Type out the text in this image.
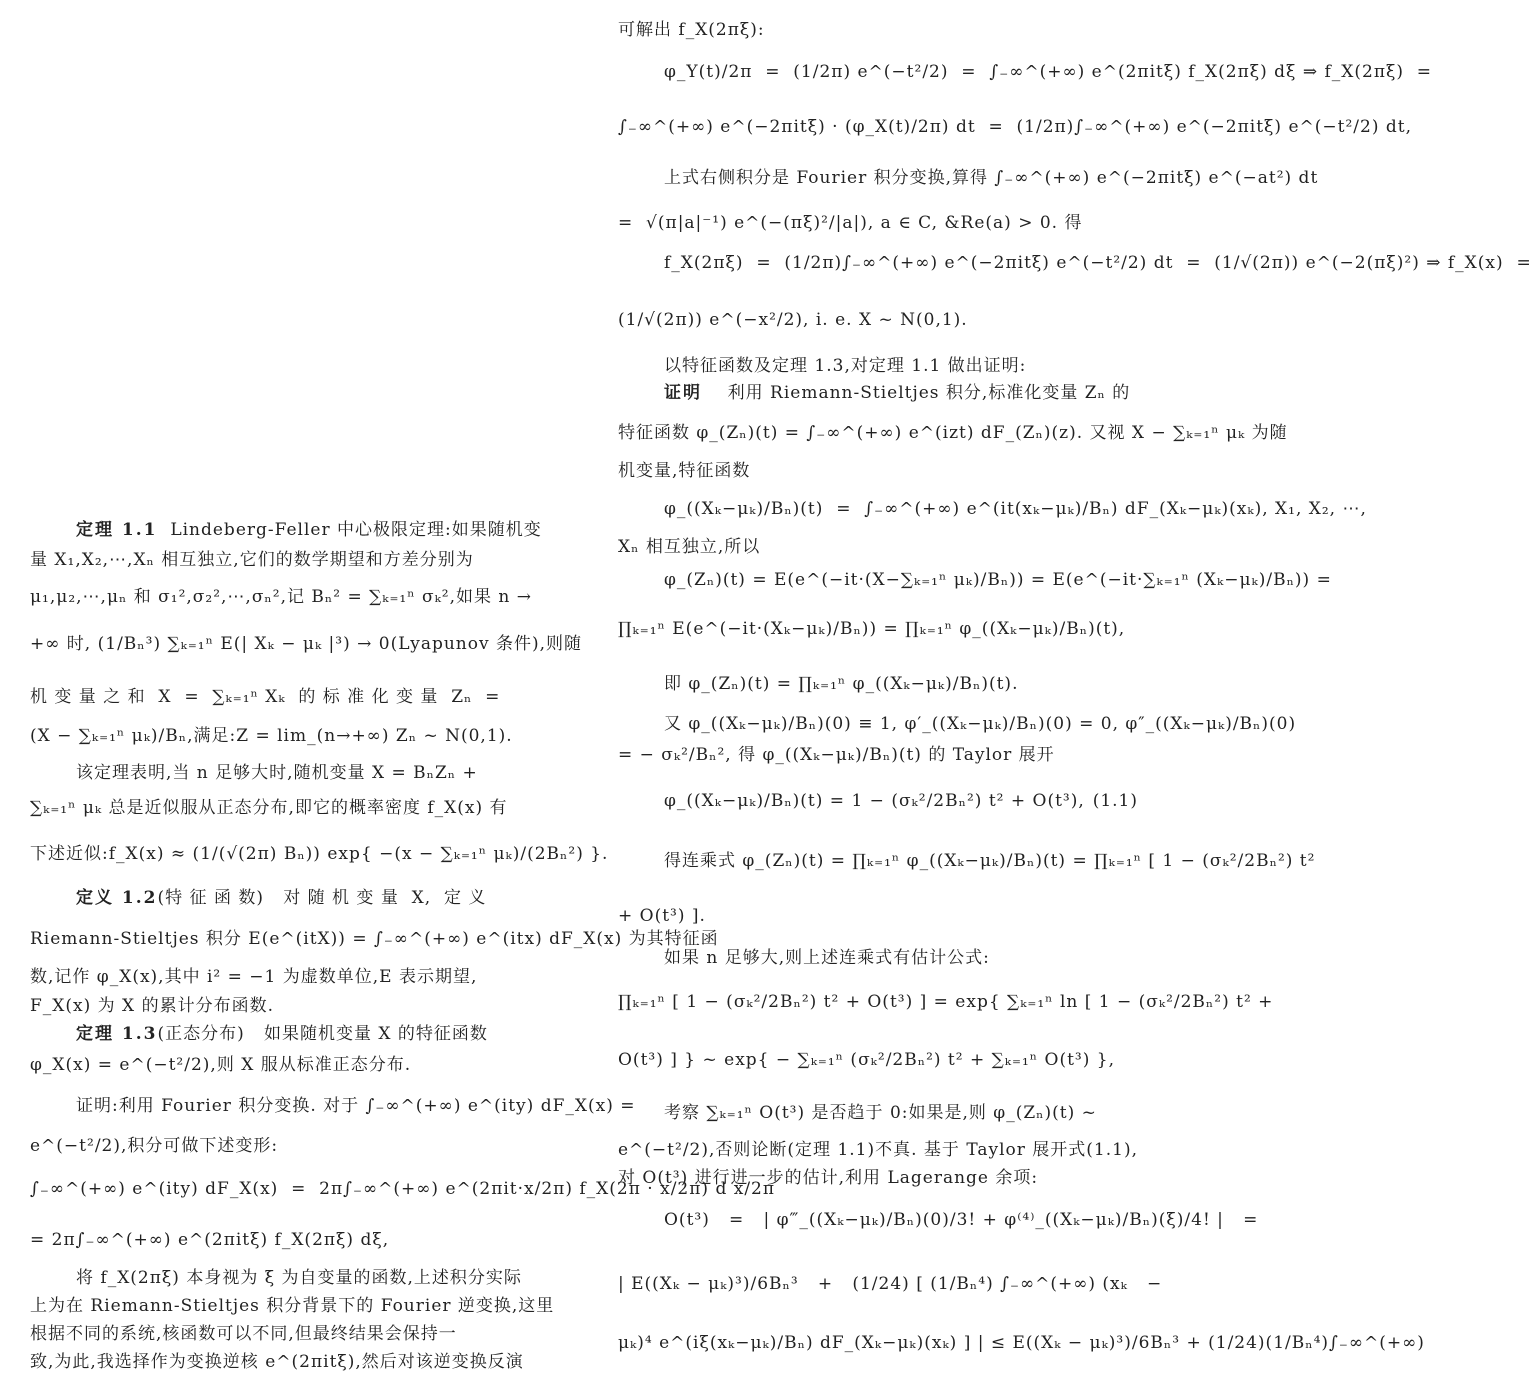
定理 1.1 Lindeberg-Feller 中心极限定理:如果随机变
量 X₁,X₂,⋯,Xₙ 相互独立,它们的数学期望和方差分别为
μ₁,μ₂,⋯,μₙ 和 σ₁²,σ₂²,⋯,σₙ²,记 Bₙ² = ∑ₖ₌₁ⁿ σₖ²,如果 n →
+∞ 时, (1/Bₙ³) ∑ₖ₌₁ⁿ E(| Xₖ − μₖ |³) → 0(Lyapunov 条件),则随
机 变 量 之 和  X  =  ∑ₖ₌₁ⁿ Xₖ  的 标 准 化 变 量  Zₙ  =
(X − ∑ₖ₌₁ⁿ μₖ)/Bₙ,满足:Z = lim_(n→+∞) Zₙ ~ N(0,1).
该定理表明,当 n 足够大时,随机变量 X = BₙZₙ +
∑ₖ₌₁ⁿ μₖ 总是近似服从正态分布,即它的概率密度 f_X(x) 有
下述近似:f_X(x) ≈ (1/(√(2π) Bₙ)) exp{ −(x − ∑ₖ₌₁ⁿ μₖ)/(2Bₙ²) }.
定义 1.2(特 征 函 数) 对 随 机 变 量  X,  定 义
Riemann-Stieltjes 积分 E(e^(itX)) = ∫₋∞^(+∞) e^(itx) dF_X(x) 为其特征函
数,记作 φ_X(x),其中 i² = −1 为虚数单位,E 表示期望,
F_X(x) 为 X 的累计分布函数.
定理 1.3(正态分布) 如果随机变量 X 的特征函数
φ_X(x) = e^(−t²/2),则 X 服从标准正态分布.
证明:利用 Fourier 积分变换. 对于 ∫₋∞^(+∞) e^(ity) dF_X(x) =
e^(−t²/2),积分可做下述变形:
∫₋∞^(+∞) e^(ity) dF_X(x)  =  2π∫₋∞^(+∞) e^(2πit·x/2π) f_X(2π · x/2π) d x/2π
= 2π∫₋∞^(+∞) e^(2πitξ) f_X(2πξ) dξ,
将 f_X(2πξ) 本身视为 ξ 为自变量的函数,上述积分实际
上为在 Riemann-Stieltjes 积分背景下的 Fourier 逆变换,这里
根据不同的系统,核函数可以不同,但最终结果会保持一
致,为此,我选择作为变换逆核 e^(2πitξ),然后对该逆变换反演
可解出 f_X(2πξ):
φ_Y(t)/2π  =  (1/2π) e^(−t²/2)  =  ∫₋∞^(+∞) e^(2πitξ) f_X(2πξ) dξ ⇒ f_X(2πξ)  =
∫₋∞^(+∞) e^(−2πitξ) · (φ_X(t)/2π) dt  =  (1/2π)∫₋∞^(+∞) e^(−2πitξ) e^(−t²/2) dt,
上式右侧积分是 Fourier 积分变换,算得 ∫₋∞^(+∞) e^(−2πitξ) e^(−at²) dt
=  √(π|a|⁻¹) e^(−(πξ)²/|a|), a ∈ C, &Re(a) > 0. 得
f_X(2πξ)  =  (1/2π)∫₋∞^(+∞) e^(−2πitξ) e^(−t²/2) dt  =  (1/√(2π)) e^(−2(πξ)²) ⇒ f_X(x)  =
(1/√(2π)) e^(−x²/2), i. e. X ~ N(0,1).
以特征函数及定理 1.3,对定理 1.1 做出证明:
证明 利用 Riemann-Stieltjes 积分,标准化变量 Zₙ 的
特征函数 φ_(Zₙ)(t) = ∫₋∞^(+∞) e^(izt) dF_(Zₙ)(z). 又视 X − ∑ₖ₌₁ⁿ μₖ 为随
机变量,特征函数
φ_((Xₖ−μₖ)/Bₙ)(t)  =  ∫₋∞^(+∞) e^(it(xₖ−μₖ)/Bₙ) dF_(Xₖ−μₖ)(xₖ), X₁, X₂, ⋯,
Xₙ 相互独立,所以
φ_(Zₙ)(t) = E(e^(−it·(X−∑ₖ₌₁ⁿ μₖ)/Bₙ)) = E(e^(−it·∑ₖ₌₁ⁿ (Xₖ−μₖ)/Bₙ)) =
∏ₖ₌₁ⁿ E(e^(−it·(Xₖ−μₖ)/Bₙ)) = ∏ₖ₌₁ⁿ φ_((Xₖ−μₖ)/Bₙ)(t),
即 φ_(Zₙ)(t) = ∏ₖ₌₁ⁿ φ_((Xₖ−μₖ)/Bₙ)(t).
又 φ_((Xₖ−μₖ)/Bₙ)(0) ≡ 1, φ′_((Xₖ−μₖ)/Bₙ)(0) = 0, φ″_((Xₖ−μₖ)/Bₙ)(0)
= − σₖ²/Bₙ², 得 φ_((Xₖ−μₖ)/Bₙ)(t) 的 Taylor 展开
φ_((Xₖ−μₖ)/Bₙ)(t) = 1 − (σₖ²/2Bₙ²) t² + O(t³), (1.1)
得连乘式 φ_(Zₙ)(t) = ∏ₖ₌₁ⁿ φ_((Xₖ−μₖ)/Bₙ)(t) = ∏ₖ₌₁ⁿ [ 1 − (σₖ²/2Bₙ²) t²
+ O(t³) ].
如果 n 足够大,则上述连乘式有估计公式:
∏ₖ₌₁ⁿ [ 1 − (σₖ²/2Bₙ²) t² + O(t³) ] = exp{ ∑ₖ₌₁ⁿ ln [ 1 − (σₖ²/2Bₙ²) t² +
O(t³) ] } ~ exp{ − ∑ₖ₌₁ⁿ (σₖ²/2Bₙ²) t² + ∑ₖ₌₁ⁿ O(t³) },
考察 ∑ₖ₌₁ⁿ O(t³) 是否趋于 0:如果是,则 φ_(Zₙ)(t) ~
e^(−t²/2),否则论断(定理 1.1)不真. 基于 Taylor 展开式(1.1),
对 O(t³) 进行进一步的估计,利用 Lagerange 余项:
O(t³)   =   | φ‴_((Xₖ−μₖ)/Bₙ)(0)/3! + φ⁽⁴⁾_((Xₖ−μₖ)/Bₙ)(ξ)/4! |   =
| E((Xₖ − μₖ)³)/6Bₙ³   +   (1/24) [ (1/Bₙ⁴) ∫₋∞^(+∞) (xₖ   −
μₖ)⁴ e^(iξ(xₖ−μₖ)/Bₙ) dF_(Xₖ−μₖ)(xₖ) ] | ≤ E((Xₖ − μₖ)³)/6Bₙ³ + (1/24)(1/Bₙ⁴)∫₋∞^(+∞)
